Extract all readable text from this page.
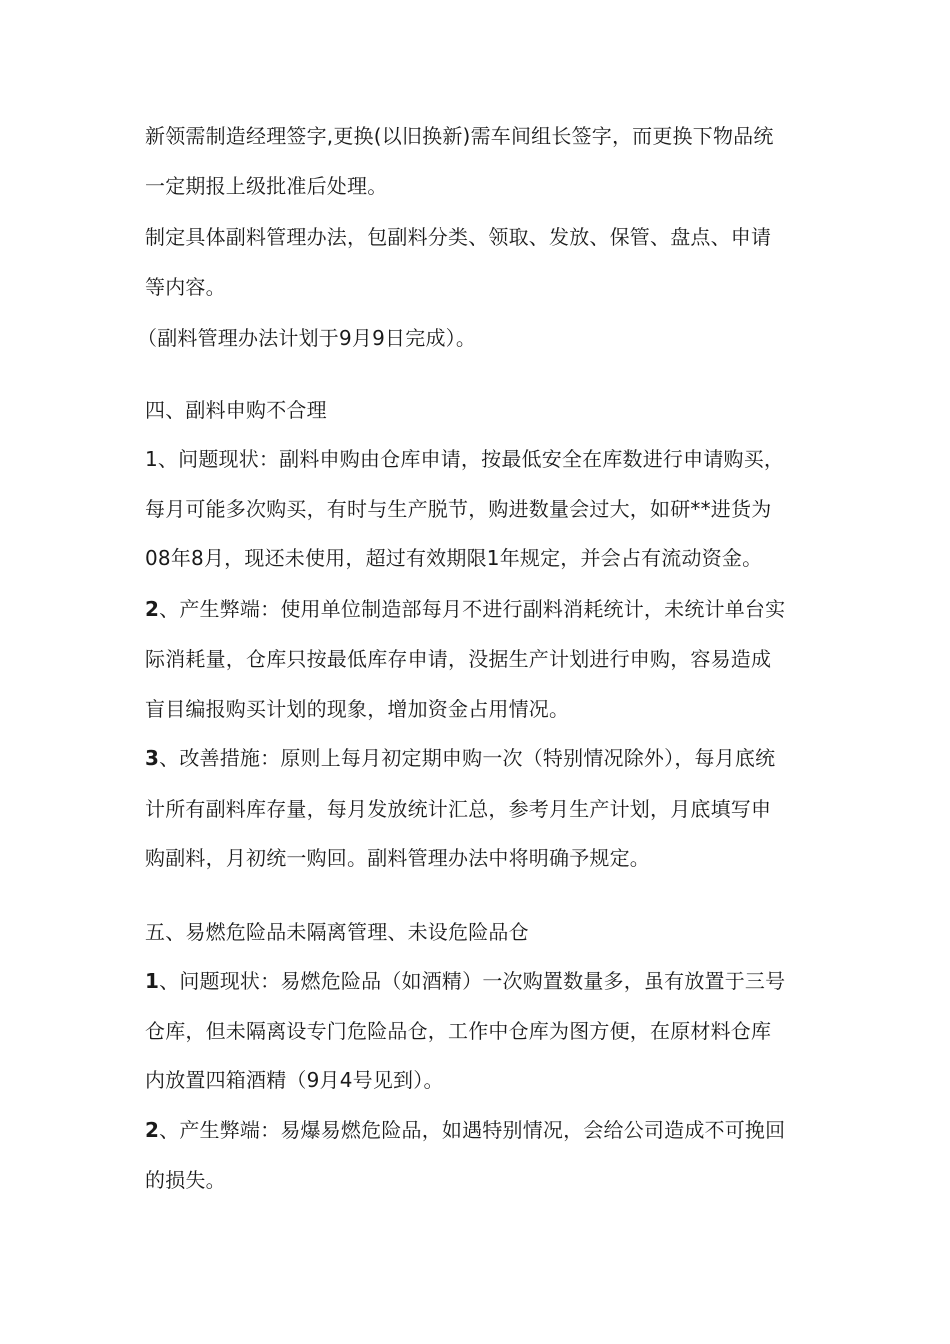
新领需制造经理签字,更换(以旧换新)需车间组长签字，而更换下物品统
一定期报上级批准后处理。
制定具体副料管理办法，包副料分类、领取、发放、保管、盘点、申请
等内容。
（副料管理办法计划于9月9日完成）。
四、副料申购不合理
1、问题现状：副料申购由仓库申请，按最低安全在库数进行申请购买，
每月可能多次购买，有时与生产脱节，购进数量会过大，如研**进货为
08年8月，现还未使用，超过有效期限1年规定，并会占有流动资金。
2、产生弊端：使用单位制造部每月不进行副料消耗统计，未统计单台实
际消耗量，仓库只按最低库存申请，没据生产计划进行申购，容易造成
盲目编报购买计划的现象，增加资金占用情况。
3、改善措施：原则上每月初定期申购一次（特别情况除外），每月底统
计所有副料库存量，每月发放统计汇总，参考月生产计划，月底填写申
购副料，月初统一购回。副料管理办法中将明确予规定。
五、易燃危险品未隔离管理、未设危险品仓
1、问题现状：易燃危险品（如酒精）一次购置数量多，虽有放置于三号
仓库，但未隔离设专门危险品仓，工作中仓库为图方便，在原材料仓库
内放置四箱酒精（9月4号见到）。
2、产生弊端：易爆易燃危险品，如遇特别情况，会给公司造成不可挽回
的损失。
